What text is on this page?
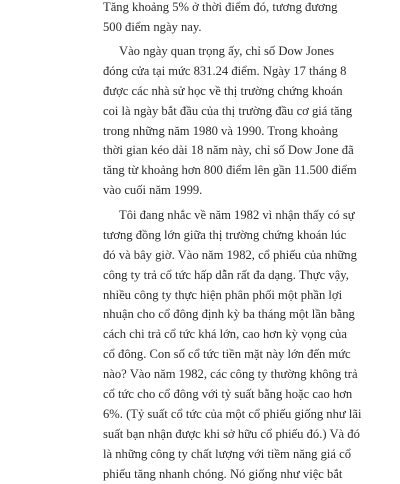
Tăng khoảng 5% ở thời điểm đó, tương đương
500 điểm ngày nay.
Vào ngày quan trọng ấy, chỉ số Dow Jones
đóng cửa tại mức 831.24 điểm. Ngày 17 tháng 8
được các nhà sử học về thị trường chứng khoán
coi là ngày bắt đầu của thị trường đầu cơ giá tăng
trong những năm 1980 và 1990. Trong khoảng
thời gian kéo dài 18 năm này, chỉ số Dow Jone đã
tăng từ khoảng hơn 800 điểm lên gần 11.500 điểm
vào cuối năm 1999.
Tôi đang nhắc về năm 1982 vì nhận thấy có sự
tương đồng lớn giữa thị trường chứng khoán lúc
đó và bây giờ. Vào năm 1982, cổ phiếu của những
công ty trả cổ tức hấp dẫn rất đa dạng. Thực vậy,
nhiều công ty thực hiện phân phối một phần lợi
nhuận cho cổ đông định kỳ ba tháng một lần bằng
cách chi trả cổ tức khá lớn, cao hơn kỳ vọng của
cổ đông. Con số cổ tức tiền mặt này lớn đến mức
nào? Vào năm 1982, các công ty thường không trả
cổ tức cho cổ đông với tỷ suất bằng hoặc cao hơn
6%. (Tỷ suất cổ tức của một cổ phiếu giống như lãi
suất bạn nhận được khi sở hữu cổ phiếu đó.) Và đó
là những công ty chất lượng với tiềm năng giá cổ
phiếu tăng nhanh chóng. Nó giống như việc bắt
